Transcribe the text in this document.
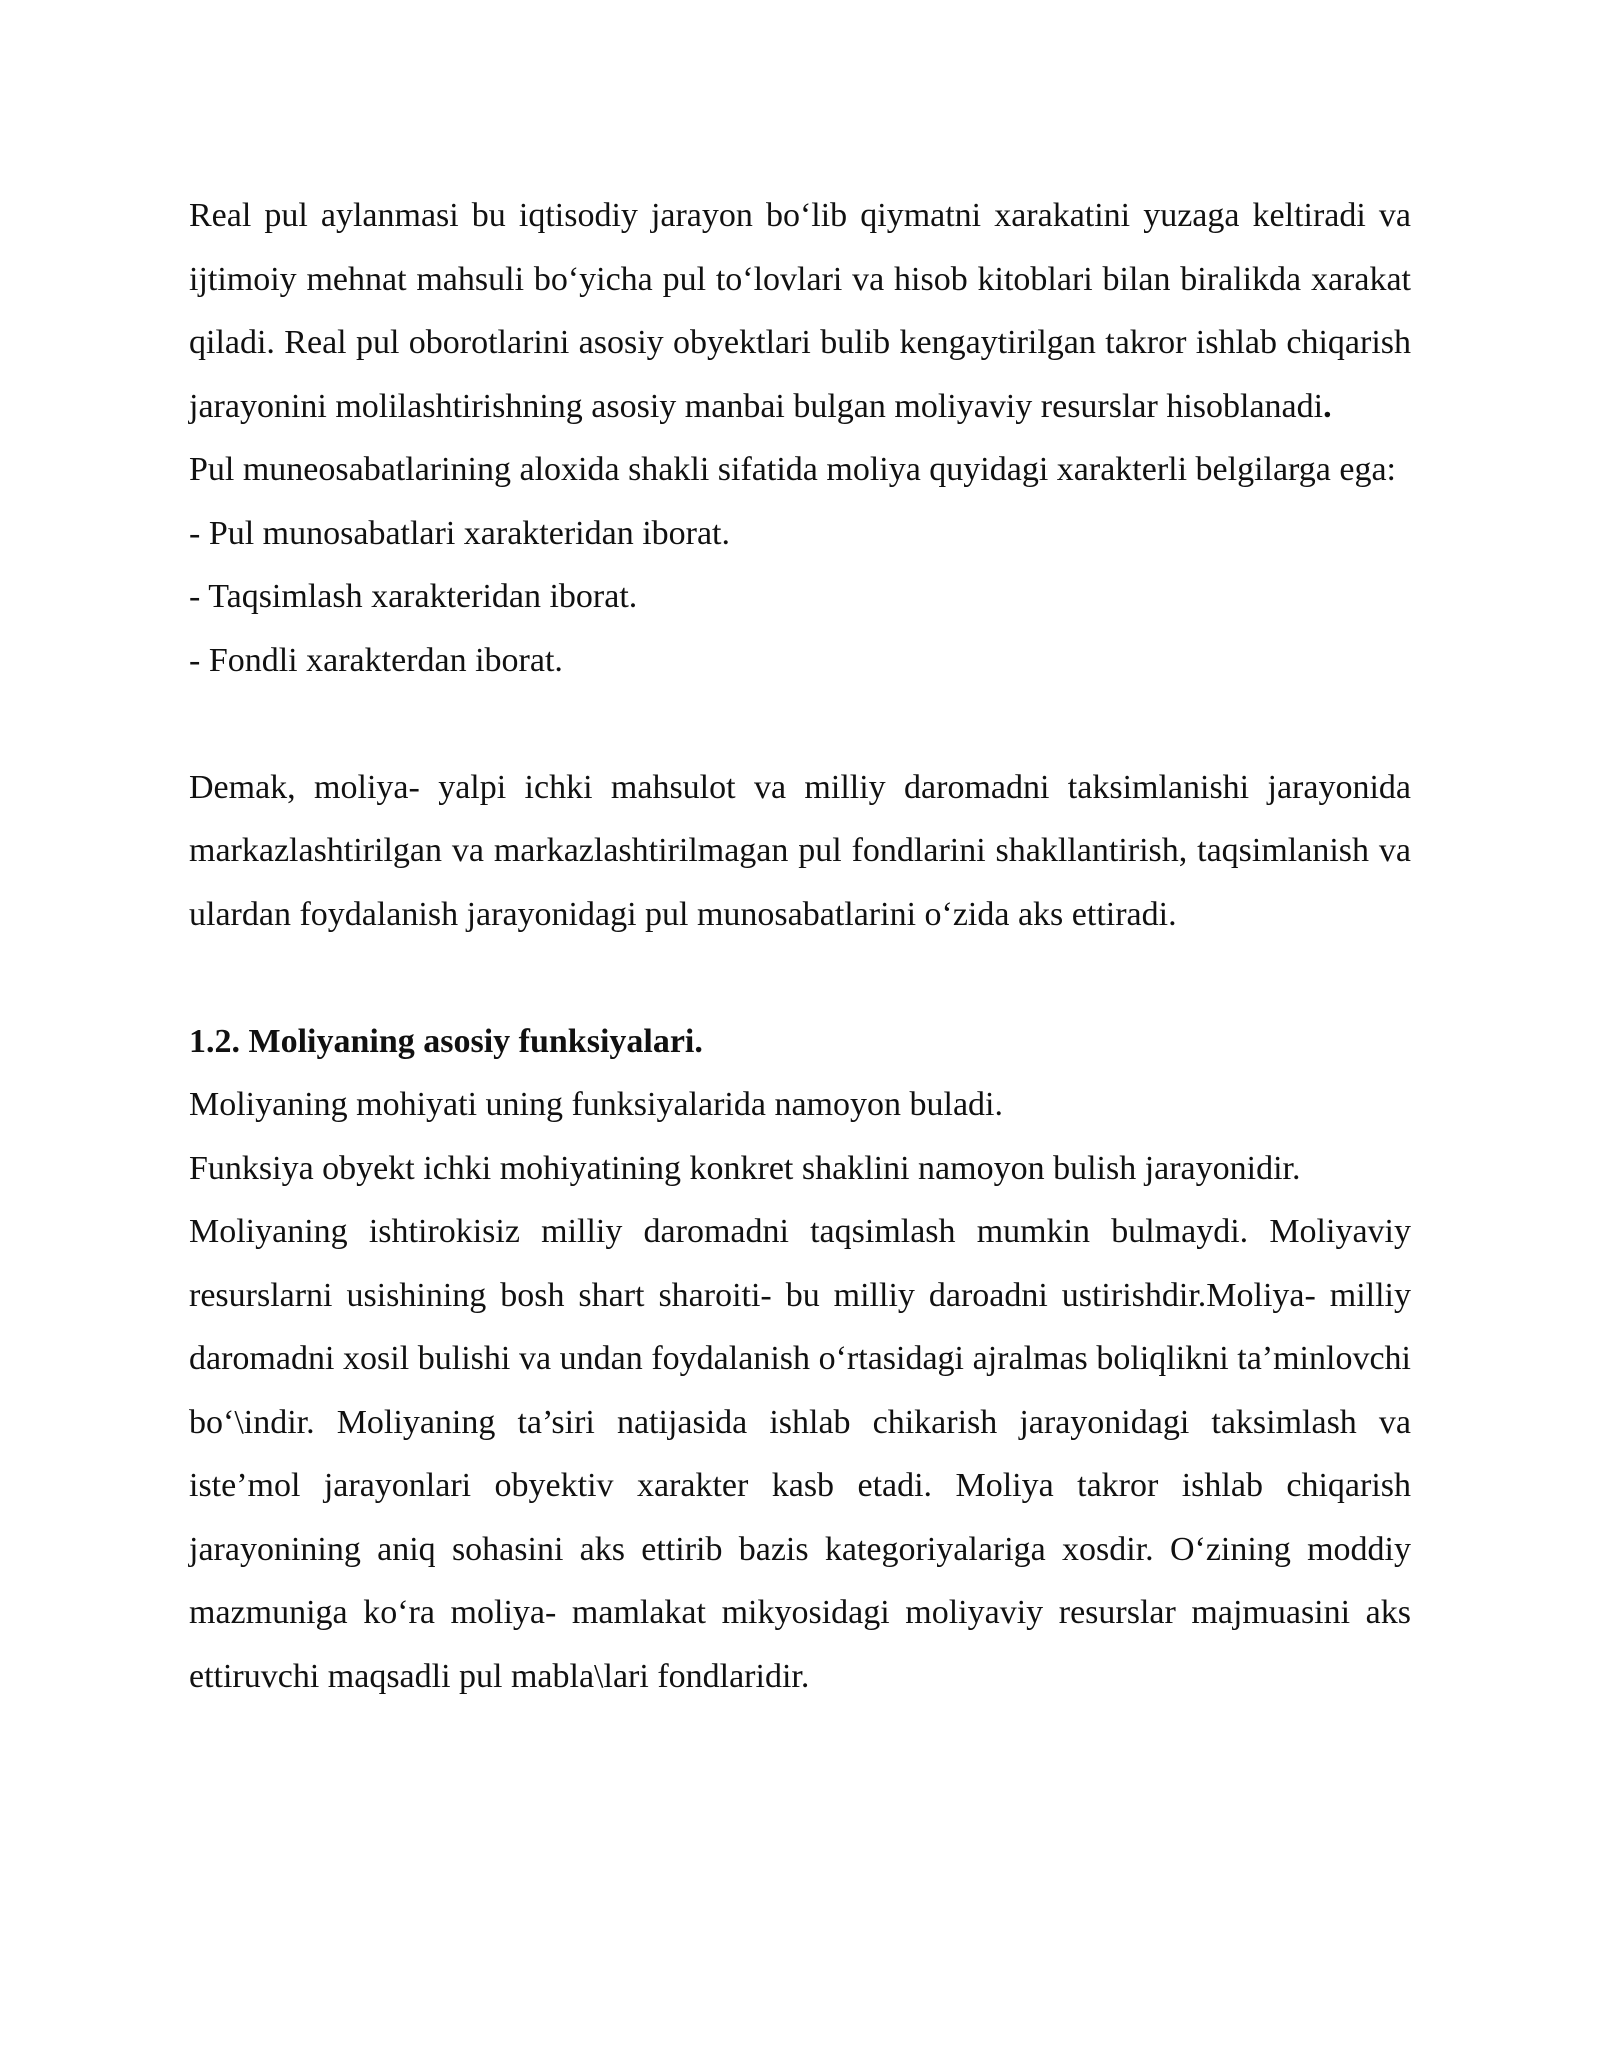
Real pul aylanmasi bu iqtisodiy jarayon bo‘lib qiymatni xarakatini yuzaga keltiradi va ijtimoiy mehnat mahsuli bo‘yicha pul to‘lovlari va hisob kitoblari bilan biralikda xarakat qiladi. Real pul oborotlarini asosiy obyektlari bulib kengaytirilgan takror ishlab chiqarish jarayonini molilashtirishning asosiy manbai bulgan moliyaviy resurslar hisoblanadi.

Pul muneosabatlarining aloxida shakli sifatida moliya quyidagi xarakterli belgilarga ega:

- Pul munosabatlari xarakteridan iborat.

- Taqsimlash xarakteridan iborat.

- Fondli xarakterdan iborat.

Demak, moliya- yalpi ichki mahsulot va milliy daromadni taksimlanishi jarayonida markazlashtirilgan va markazlashtirilmagan pul fondlarini shakllantirish, taqsimlanish va ulardan foydalanish jarayonidagi pul munosabatlarini o‘zida aks ettiradi.

1.2. Moliyaning asosiy funksiyalari.

Moliyaning mohiyati uning funksiyalarida namoyon buladi.

Funksiya obyekt ichki mohiyatining konkret shaklini namoyon bulish jarayonidir.

Moliyaning ishtirokisiz milliy daromadni taqsimlash mumkin bulmaydi. Moliyaviy resurslarni usishining bosh shart sharoiti- bu milliy daroadni ustirishdir.Moliya- milliy daromadni xosil bulishi va undan foydalanish o‘rtasidagi ajralmas boliqlikni ta’minlovchi bo‘\indir. Moliyaning ta’siri natijasida ishlab chikarish jarayonidagi taksimlash va iste’mol jarayonlari obyektiv xarakter kasb etadi. Moliya takror ishlab chiqarish jarayonining aniq sohasini aks ettirib bazis kategoriyalariga xosdir. O‘zining moddiy mazmuniga ko‘ra moliya- mamlakat mikyosidagi moliyaviy resurslar majmuasini aks ettiruvchi maqsadli pul mabla\lari fondlaridir.
